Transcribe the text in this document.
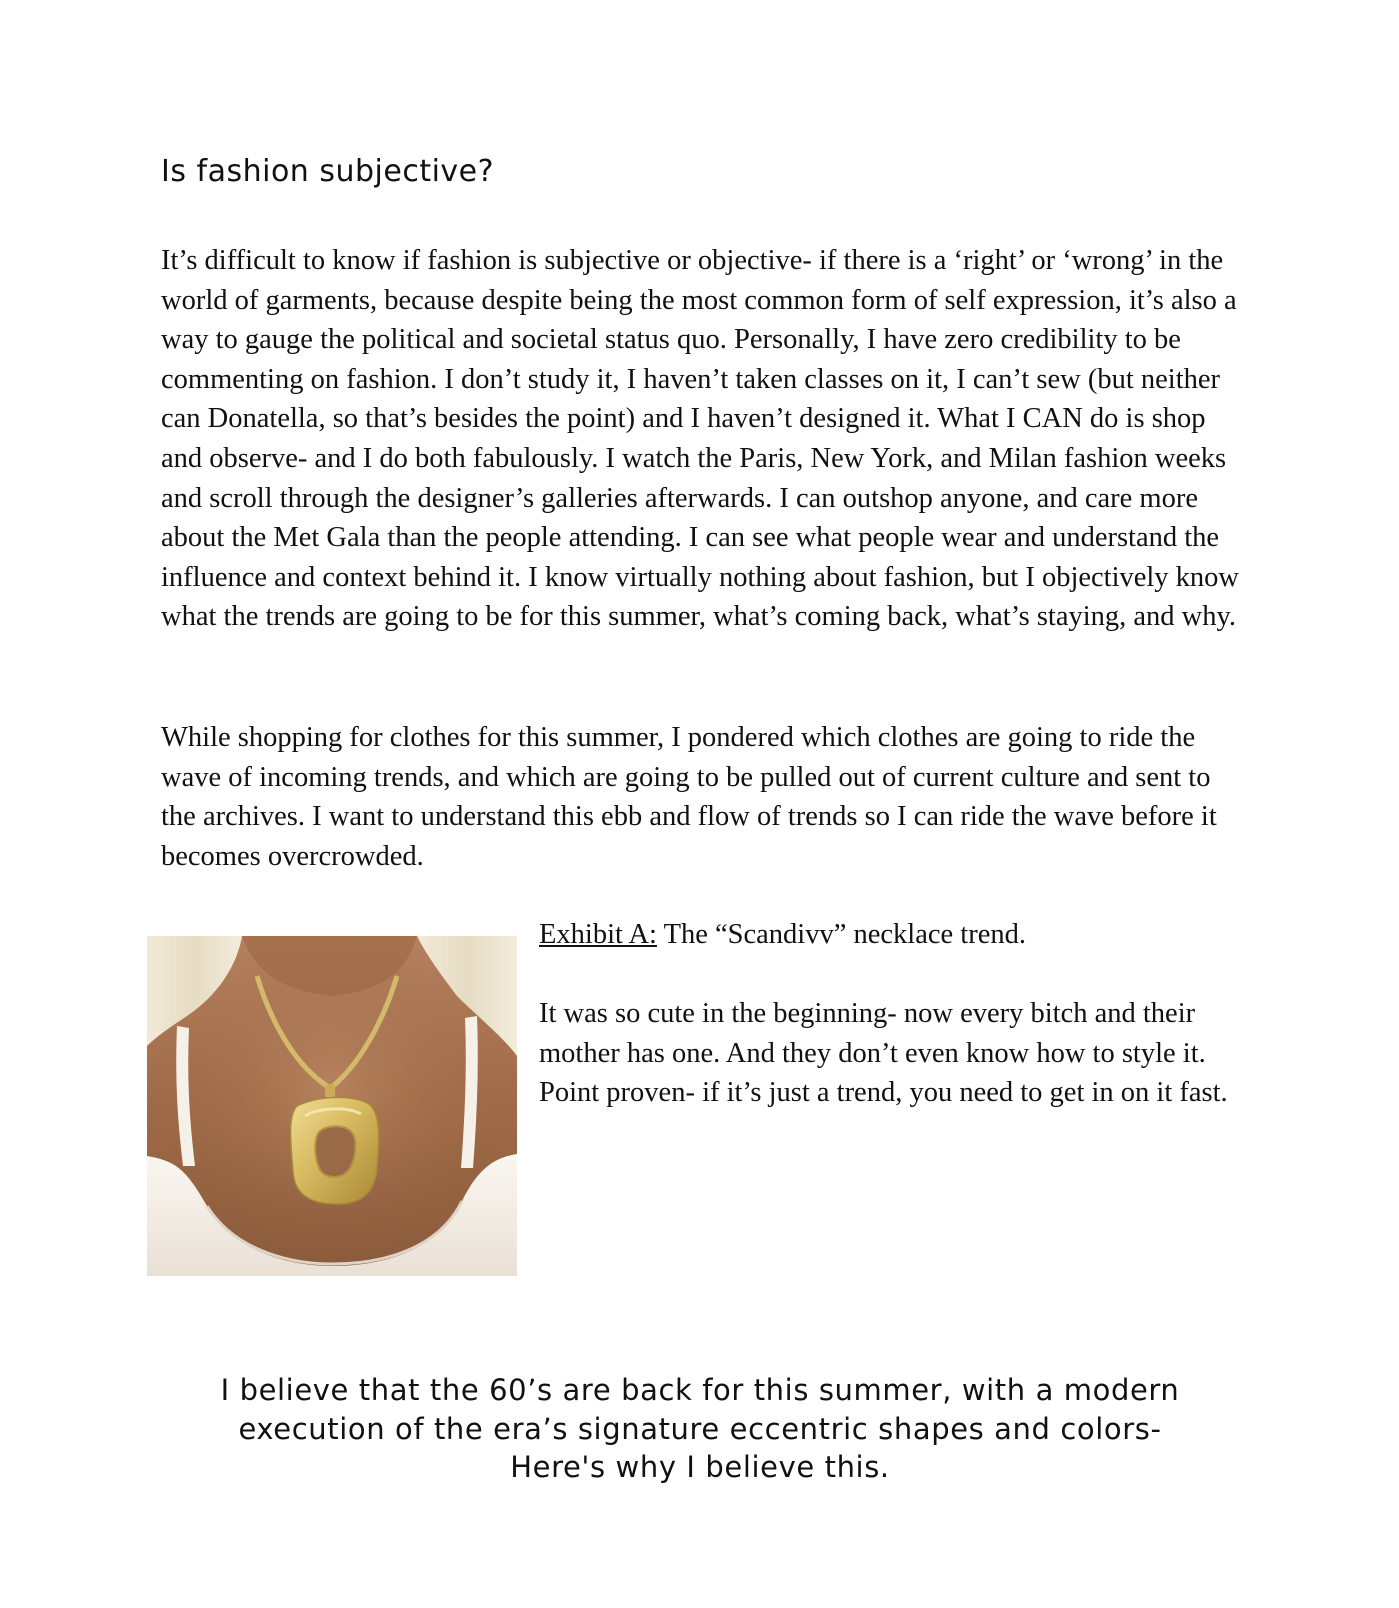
Is fashion subjective?

It’s difficult to know if fashion is subjective or objective- if there is a ‘right’ or ‘wrong’ in the world of garments, because despite being the most common form of self expression, it’s also a way to gauge the political and societal status quo. Personally, I have zero credibility to be commenting on fashion. I don’t study it, I haven’t taken classes on it, I can’t sew (but neither can Donatella, so that’s besides the point) and I haven’t designed it. What I CAN do is shop and observe- and I do both fabulously. I watch the Paris, New York, and Milan fashion weeks and scroll through the designer’s galleries afterwards. I can outshop anyone, and care more about the Met Gala than the people attending. I can see what people wear and understand the influence and context behind it. I know virtually nothing about fashion, but I objectively know what the trends are going to be for this summer, what’s coming back, what’s staying, and why.

While shopping for clothes for this summer, I pondered which clothes are going to ride the wave of incoming trends, and which are going to be pulled out of current culture and sent to the archives. I want to understand this ebb and flow of trends so I can ride the wave before it becomes overcrowded.

Exhibit A: The “Scandivv” necklace trend.

It was so cute in the beginning- now every bitch and their mother has one. And they don’t even know how to style it. Point proven- if it’s just a trend, you need to get in on it fast.

I believe that the 60’s are back for this summer, with a modern
execution of the era’s signature eccentric shapes and colors-
Here's why I believe this.
